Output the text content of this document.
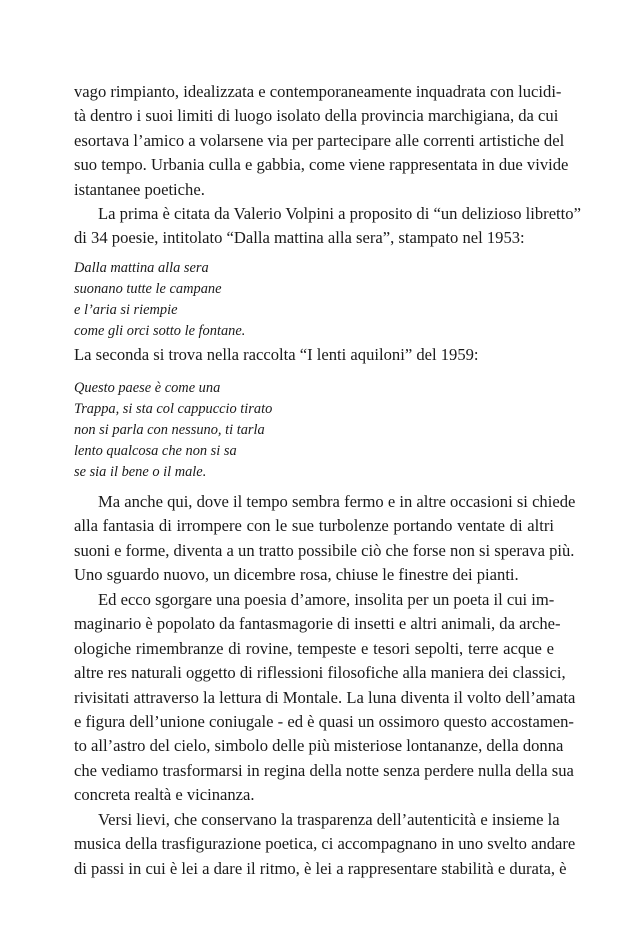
vago rimpianto, idealizzata e contemporaneamente inquadrata con lucidi-
tà dentro i suoi limiti di luogo isolato della provincia marchigiana, da cui
esortava l’amico a volarsene via per partecipare alle correnti artistiche del
suo tempo. Urbania culla e gabbia, come viene rappresentata in due vivide
istantanee poetiche.
La prima è citata da Valerio Volpini a proposito di “un delizioso libretto”
di 34 poesie, intitolato “Dalla mattina alla sera”, stampato nel 1953:
Dalla mattina alla sera
suonano tutte le campane
e l’aria si riempie
come gli orci sotto le fontane.
La seconda si trova nella raccolta “I lenti aquiloni” del 1959:
Questo paese è come una
Trappa, si sta col cappuccio tirato
non si parla con nessuno, ti tarla
lento qualcosa che non si sa
se sia il bene o il male.
Ma anche qui, dove il tempo sembra fermo e in altre occasioni si chiede
alla fantasia di irrompere con le sue turbolenze portando ventate di altri
suoni e forme, diventa a un tratto possibile ciò che forse non si sperava più.
Uno sguardo nuovo, un dicembre rosa, chiuse le finestre dei pianti.
Ed ecco sgorgare una poesia d’amore, insolita per un poeta il cui im-
maginario è popolato da fantasmagorie di insetti e altri animali, da arche-
ologiche rimembranze di rovine, tempeste e tesori sepolti, terre acque e
altre res naturali oggetto di riflessioni filosofiche alla maniera dei classici,
rivisitati attraverso la lettura di Montale. La luna diventa il volto dell’amata
e figura dell’unione coniugale - ed è quasi un ossimoro questo accostamen-
to all’astro del cielo, simbolo delle più misteriose lontananze, della donna
che vediamo trasformarsi in regina della notte senza perdere nulla della sua
concreta realtà e vicinanza.
Versi lievi, che conservano la trasparenza dell’autenticità e insieme la
musica della trasfigurazione poetica, ci accompagnano in uno svelto andare
di passi in cui è lei a dare il ritmo, è lei a rappresentare stabilità e durata, è
